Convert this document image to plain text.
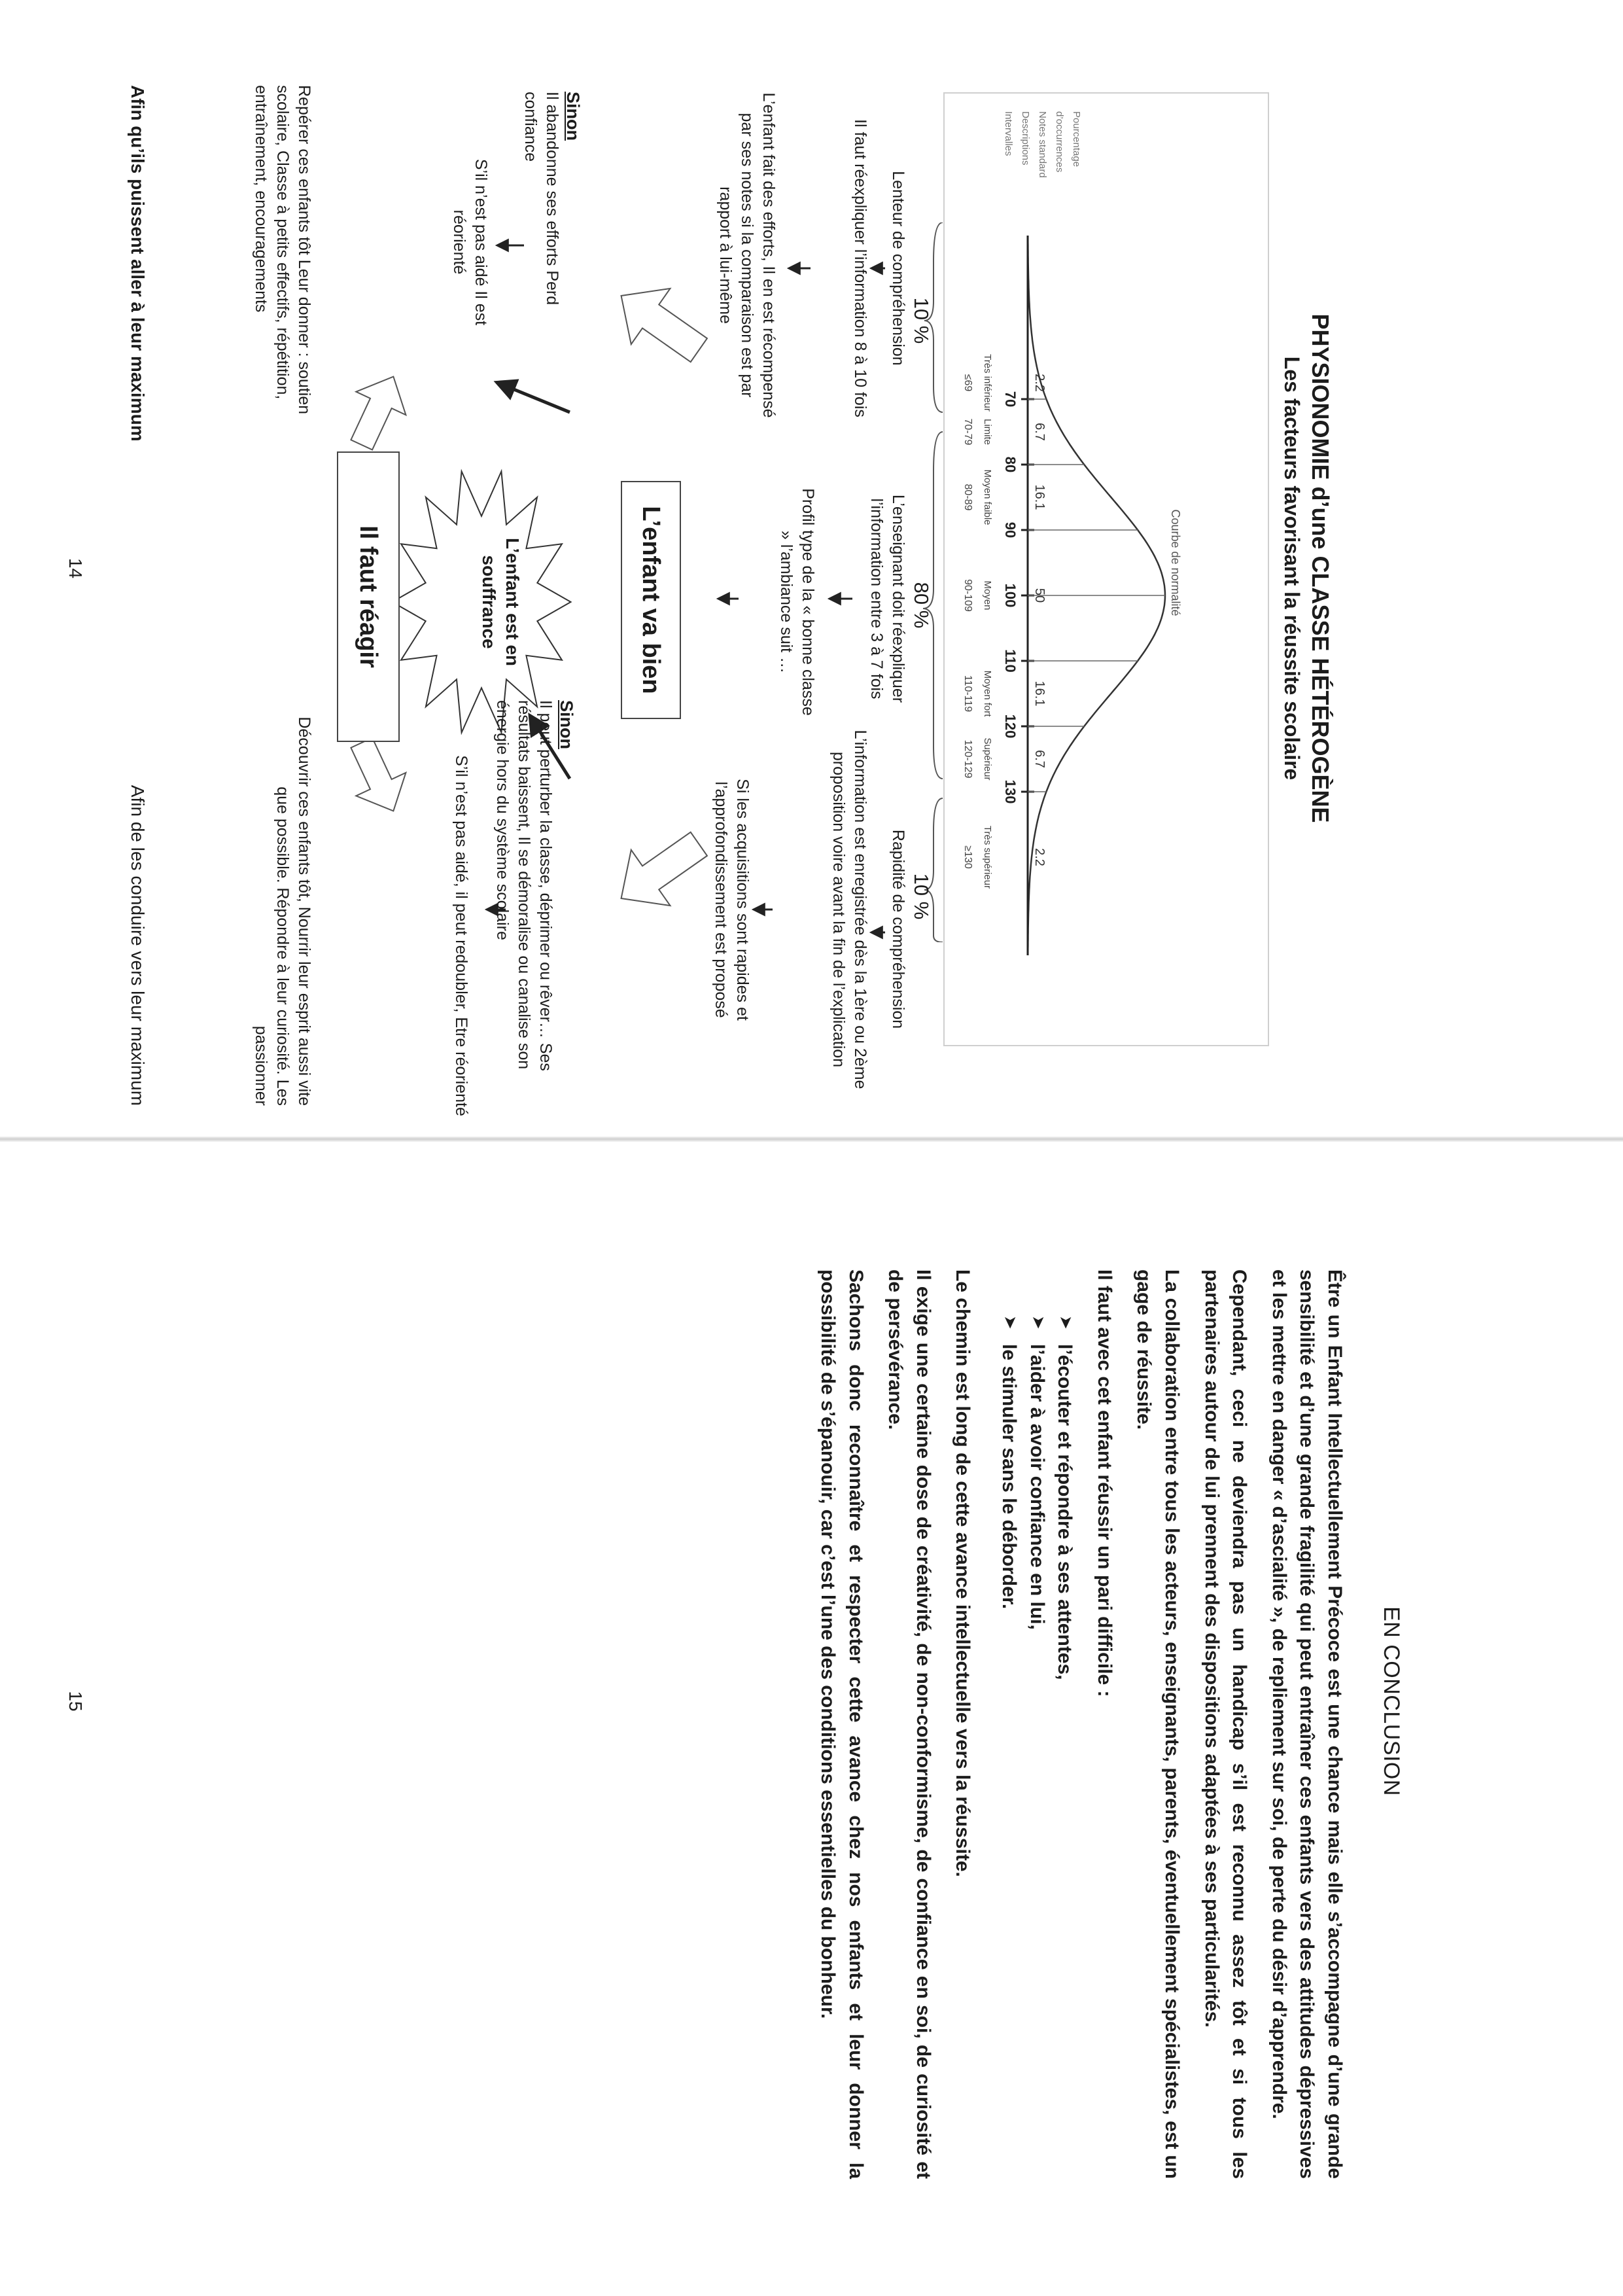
PHYSIONOMIE d’une CLASSE HÉTÉROGÈNE
Les facteurs favorisant la réussite scolaire
Courbe de normalité
70
80
90
100
110
120
130
2.2
6.7
16.1
50
16.1
6.7
2.2
Très inférieur
Limite
Moyen faible
Moyen
Moyen fort
Supérieur
Très supérieur
≤69
70-79
80-89
90-109
110-119
120-129
≥130
Pourcentage
d’occurrences
Notes standard
Descriptions
Intervalles
10 %
80 %
10 %
Lenteur de compréhension
Il faut réexpliquer l’information 8 à 10 fois
L’enfant fait des efforts, Il en est récompensé par ses notes si la comparaison est par rapport à lui-même
L’enseignant doit réexpliquer l’information entre 3 à 7 fois
Profil type de la « bonne classe » l’ambiance suit …
Rapidité de compréhension
L’information est enregistrée dès la 1ère ou 2ème proposition voire avant la fin de l’explication
Si les acquisitions sont rapides et l’approfondissement est proposé
L’enfant va bien
L’enfant est en souffrance
Sinon
Il abandonne ses efforts Perd confiance
S’il n’est pas aidé Il est réorienté
Sinon
Il peut perturber la classe, déprimer ou rêver… Ses résultats baissent, Il se démoralise ou canalise son énergie hors du système scolaire
S’il n’est pas aidé, il peut redoubler, Etre réorienté
Il faut réagir
Repérer ces enfants tôt Leur donner : soutien scolaire, Classe à petits effectifs, répétition, entraînement, encouragements
Découvrir ces enfants tôt, Nourrir leur esprit aussi vite que possible. Répondre à leur curiosité. Les passionner
Afin qu’ils puissent aller à leur maximum
Afin de les conduire vers leur maximum
14
EN CONCLUSION

Être un Enfant Intellectuellement Précoce est une chance mais elle s’accompagne d’une grande sensibilité et d’une grande fragilité qui peut entraîner ces enfants vers des attitudes dépressives et les mettre en danger « d’ascialité », de repliement sur soi, de perte du désir d’apprendre.

Cependant, ceci ne deviendra pas un handicap s’il est reconnu assez tôt et si tous les partenaires autour de lui prennent des dispositions adaptées à ses particularités.

La collaboration entre tous les acteurs, enseignants, parents, éventuellement spécialistes, est un gage de réussite.

Il faut avec cet enfant réussir un pari difficile :

➤
l’écouter et répondre à ses attentes,
➤
l’aider à avoir confiance en lui,
➤
le stimuler sans le déborder.

Le chemin est long de cette avance intellectuelle vers la réussite.

Il exige une certaine dose de créativité, de non-conformisme, de confiance en soi, de curiosité et de persévérance.

Sachons donc reconnaître et respecter cette avance chez nos enfants et leur donner la possibilité de s’épanouir, car c’est l’une des conditions essentielles du bonheur.

15
